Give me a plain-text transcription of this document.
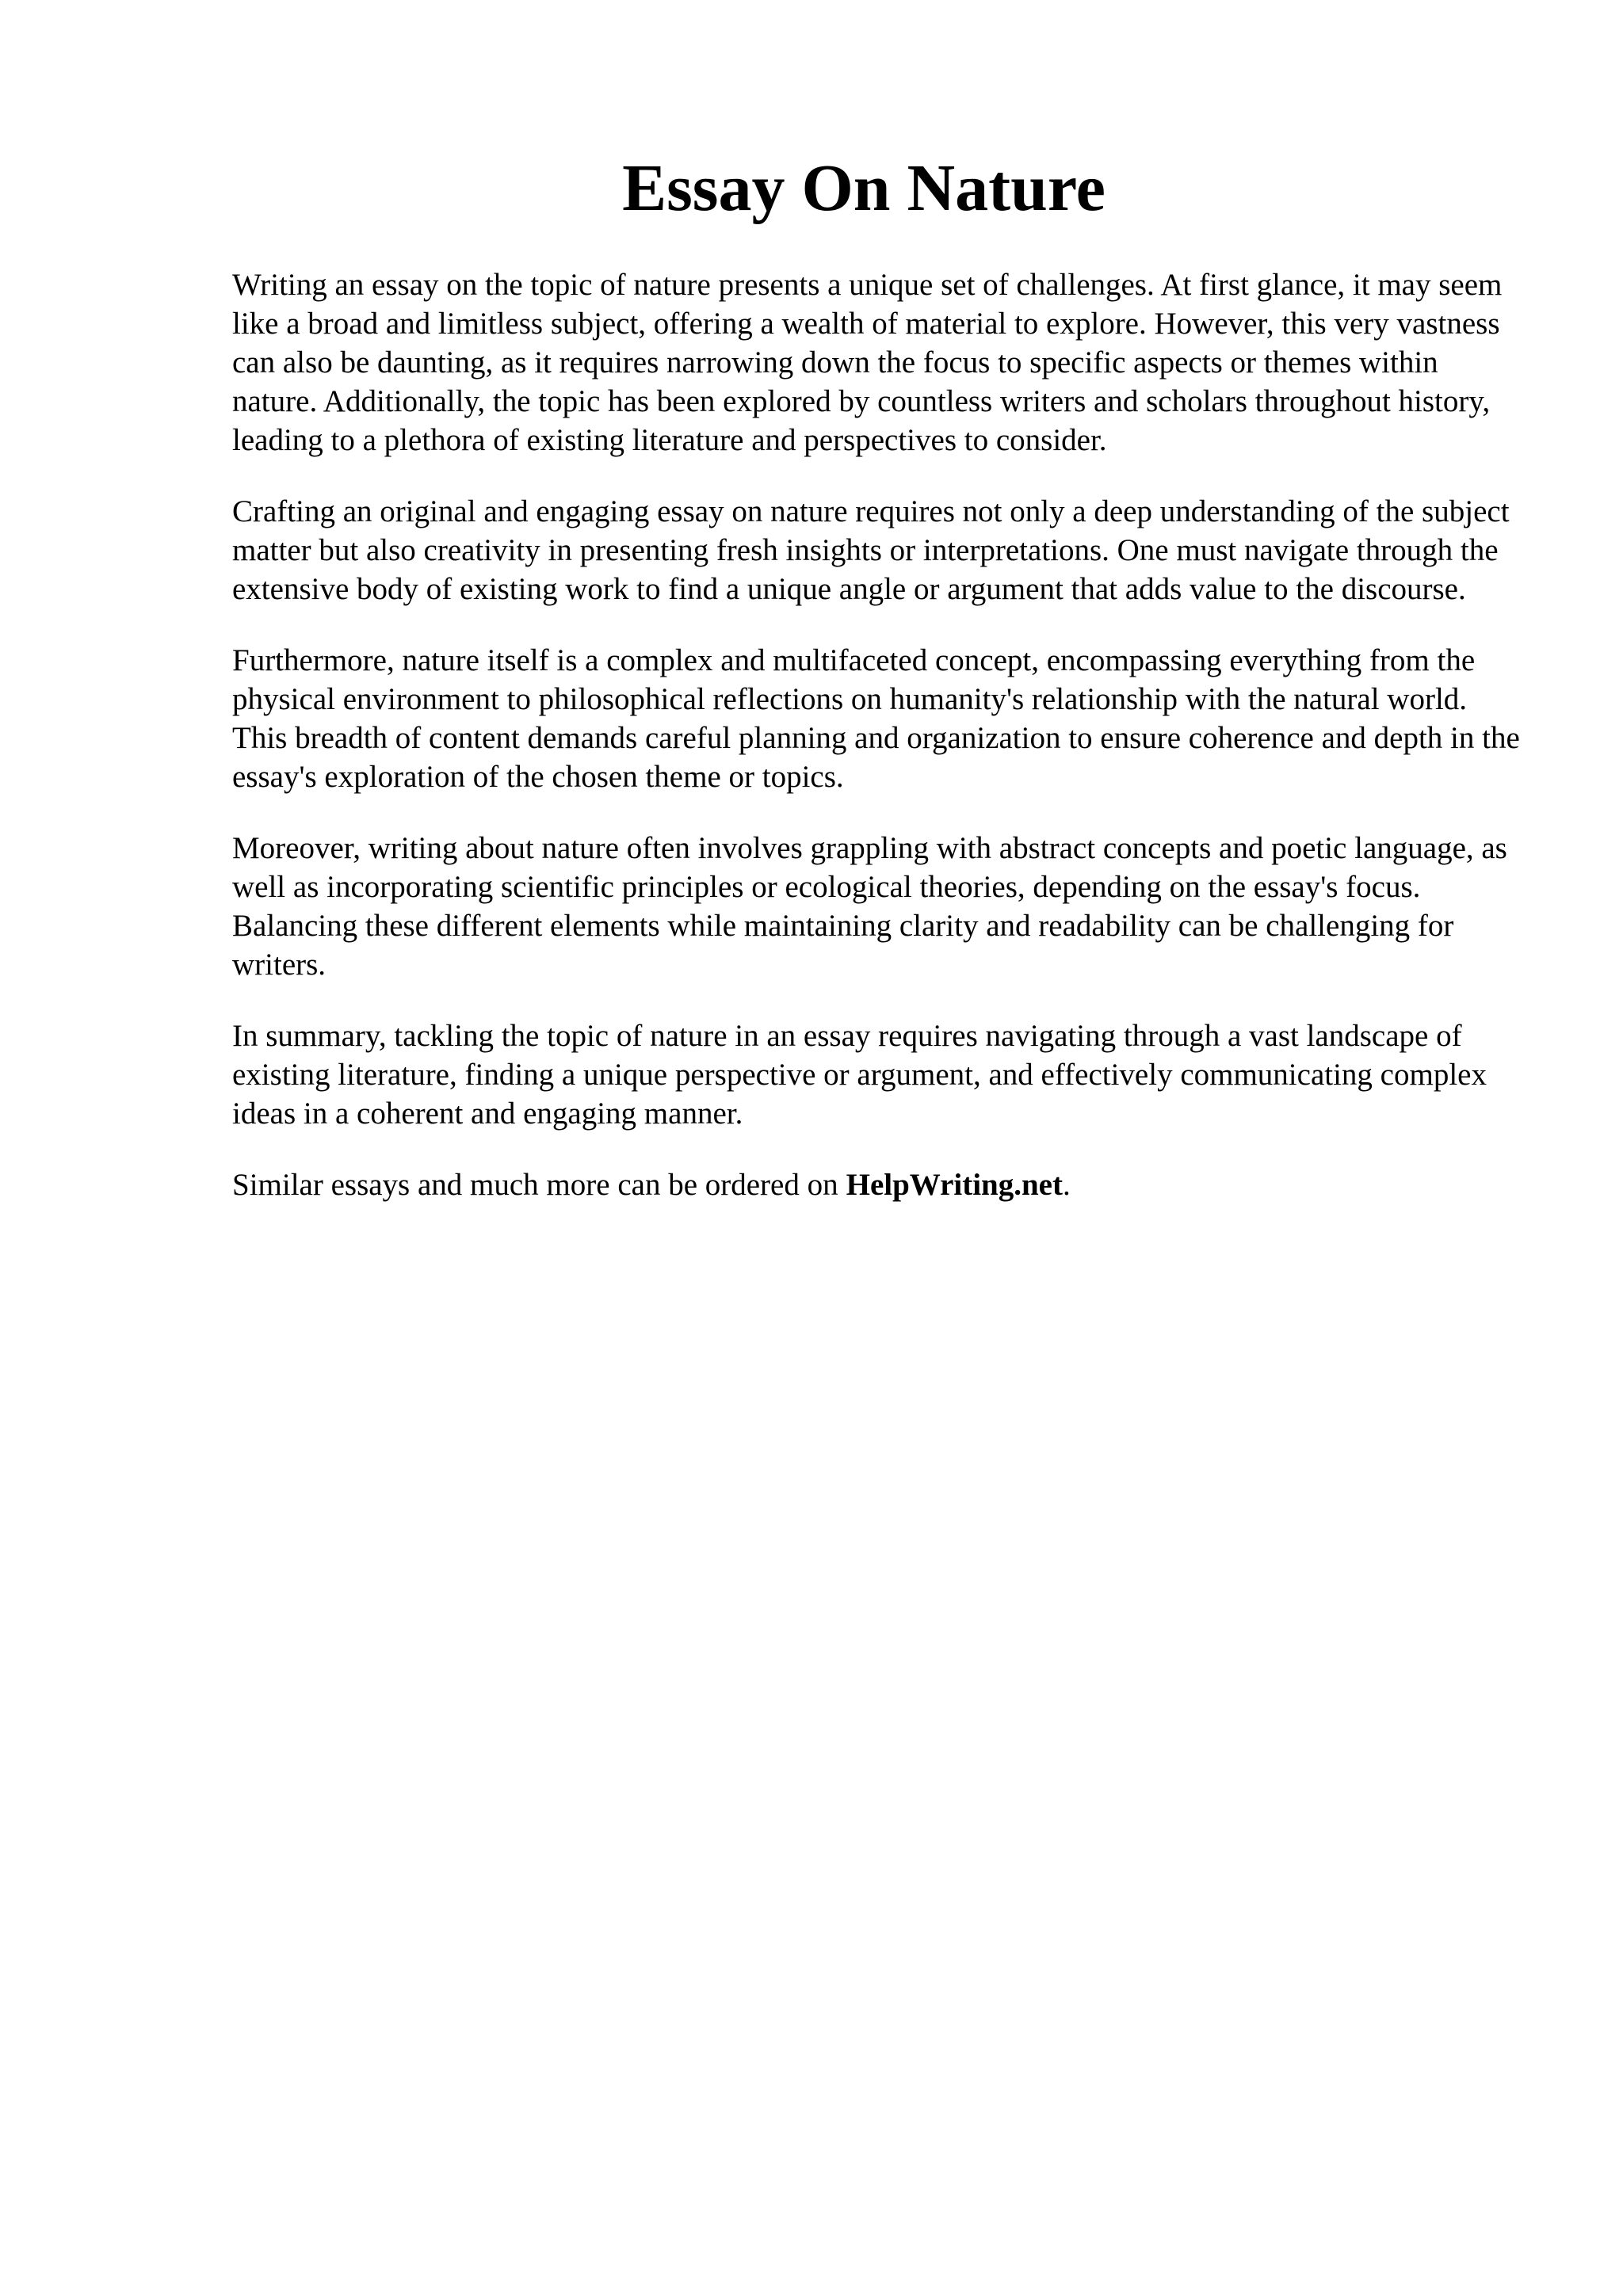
Essay On Nature

Writing an essay on the topic of nature presents a unique set of challenges. At first glance, it may seem like a broad and limitless subject, offering a wealth of material to explore. However, this very vastness can also be daunting, as it requires narrowing down the focus to specific aspects or themes within nature. Additionally, the topic has been explored by countless writers and scholars throughout history, leading to a plethora of existing literature and perspectives to consider.

Crafting an original and engaging essay on nature requires not only a deep understanding of the subject matter but also creativity in presenting fresh insights or interpretations. One must navigate through the extensive body of existing work to find a unique angle or argument that adds value to the discourse.

Furthermore, nature itself is a complex and multifaceted concept, encompassing everything from the physical environment to philosophical reflections on humanity's relationship with the natural world. This breadth of content demands careful planning and organization to ensure coherence and depth in the essay's exploration of the chosen theme or topics.

Moreover, writing about nature often involves grappling with abstract concepts and poetic language, as well as incorporating scientific principles or ecological theories, depending on the essay's focus. Balancing these different elements while maintaining clarity and readability can be challenging for writers.

In summary, tackling the topic of nature in an essay requires navigating through a vast landscape of existing literature, finding a unique perspective or argument, and effectively communicating complex ideas in a coherent and engaging manner.

Similar essays and much more can be ordered on HelpWriting.net.
